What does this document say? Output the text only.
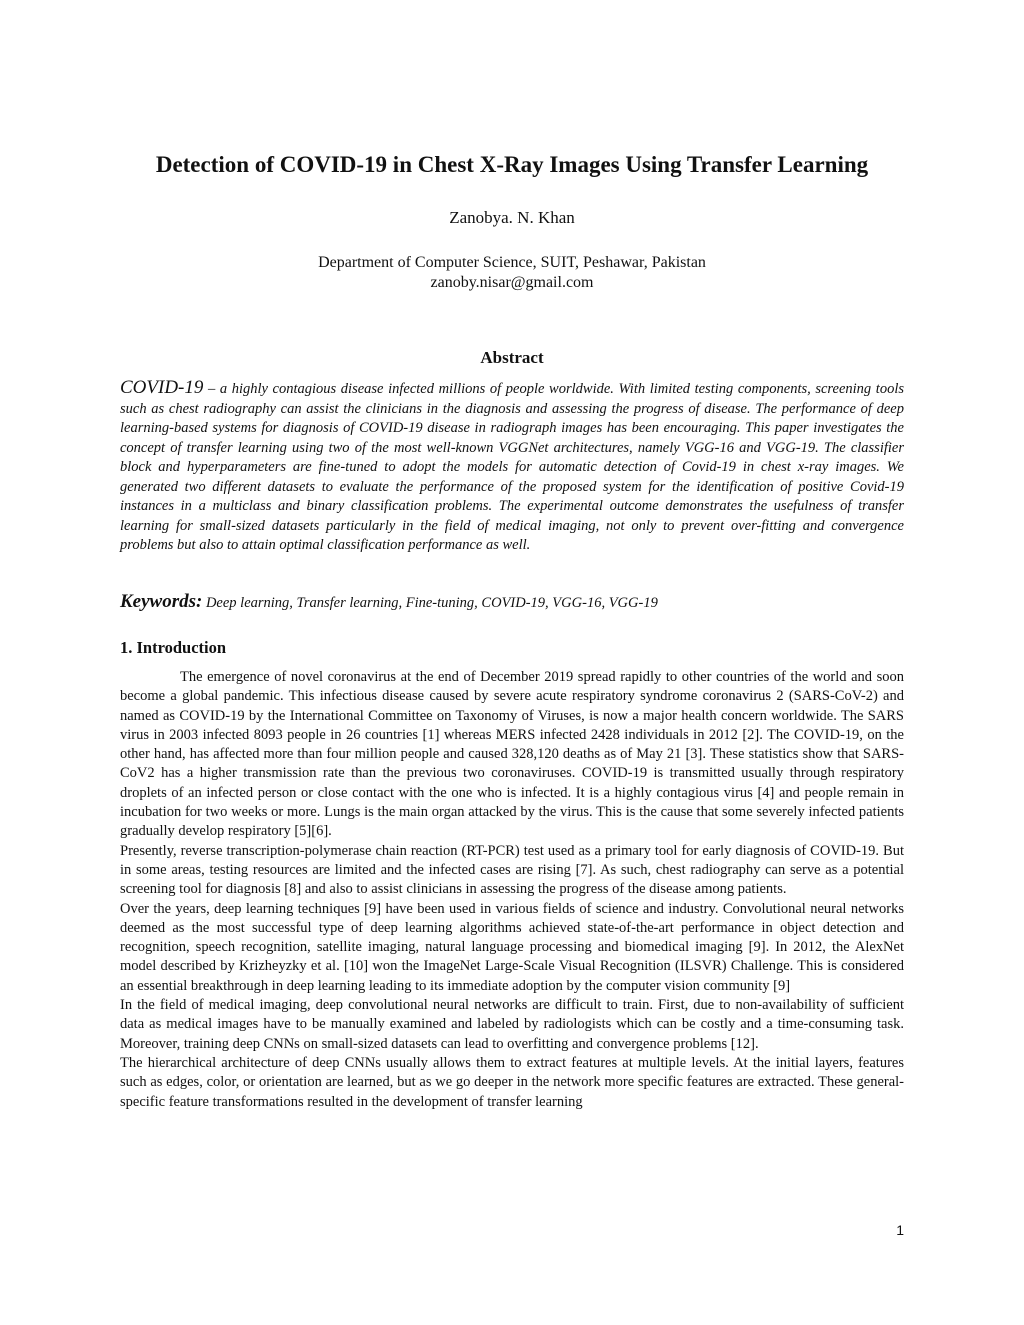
Detection of COVID-19 in Chest X-Ray Images Using Transfer Learning
Zanobya. N. Khan
Department of Computer Science, SUIT, Peshawar, Pakistan
zanoby.nisar@gmail.com
Abstract

COVID-19 – a highly contagious disease infected millions of people worldwide. With limited testing components, screening tools such as chest radiography can assist the clinicians in the diagnosis and assessing the progress of disease. The performance of deep learning-based systems for diagnosis of COVID-19 disease in radiograph images has been encouraging. This paper investigates the concept of transfer learning using two of the most well-known VGGNet architectures, namely VGG-16 and VGG-19. The classifier block and hyperparameters are fine-tuned to adopt the models for automatic detection of Covid-19 in chest x-ray images. We generated two different datasets to evaluate the performance of the proposed system for the identification of positive Covid-19 instances in a multiclass and binary classification problems. The experimental outcome demonstrates the usefulness of transfer learning for small-sized datasets particularly in the field of medical imaging, not only to prevent over-fitting and convergence problems but also to attain optimal classification performance as well.

Keywords: Deep learning, Transfer learning, Fine-tuning, COVID-19, VGG-16, VGG-19
1. Introduction

The emergence of novel coronavirus at the end of December 2019 spread rapidly to other countries of the world and soon become a global pandemic. This infectious disease caused by severe acute respiratory syndrome coronavirus 2 (SARS-CoV-2) and named as COVID-19 by the International Committee on Taxonomy of Viruses, is now a major health concern worldwide. The SARS virus in 2003 infected 8093 people in 26 countries [1] whereas MERS infected 2428 individuals in 2012 [2]. The COVID-19, on the other hand, has affected more than four million people and caused 328,120 deaths as of May 21 [3]. These statistics show that SARS-CoV2 has a higher transmission rate than the previous two coronaviruses. COVID-19 is transmitted usually through respiratory droplets of an infected person or close contact with the one who is infected. It is a highly contagious virus [4] and people remain in incubation for two weeks or more. Lungs is the main organ attacked by the virus. This is the cause that some severely infected patients gradually develop respiratory [5][6].

Presently, reverse transcription-polymerase chain reaction (RT-PCR) test used as a primary tool for early diagnosis of COVID-19. But in some areas, testing resources are limited and the infected cases are rising [7]. As such, chest radiography can serve as a potential screening tool for diagnosis [8] and also to assist clinicians in assessing the progress of the disease among patients.

Over the years, deep learning techniques [9] have been used in various fields of science and industry. Convolutional neural networks deemed as the most successful type of deep learning algorithms achieved state-of-the-art performance in object detection and recognition, speech recognition, satellite imaging, natural language processing and biomedical imaging [9]. In 2012, the AlexNet model described by Krizheyzky et al. [10] won the ImageNet Large-Scale Visual Recognition (ILSVR) Challenge. This is considered an essential breakthrough in deep learning leading to its immediate adoption by the computer vision community [9]

In the field of medical imaging, deep convolutional neural networks are difficult to train. First, due to non-availability of sufficient data as medical images have to be manually examined and labeled by radiologists which can be costly and a time-consuming task. Moreover, training deep CNNs on small-sized datasets can lead to overfitting and convergence problems [12].

The hierarchical architecture of deep CNNs usually allows them to extract features at multiple levels. At the initial layers, features such as edges, color, or orientation are learned, but as we go deeper in the network more specific features are extracted. These general-specific feature transformations resulted in the development of transfer learning

1
